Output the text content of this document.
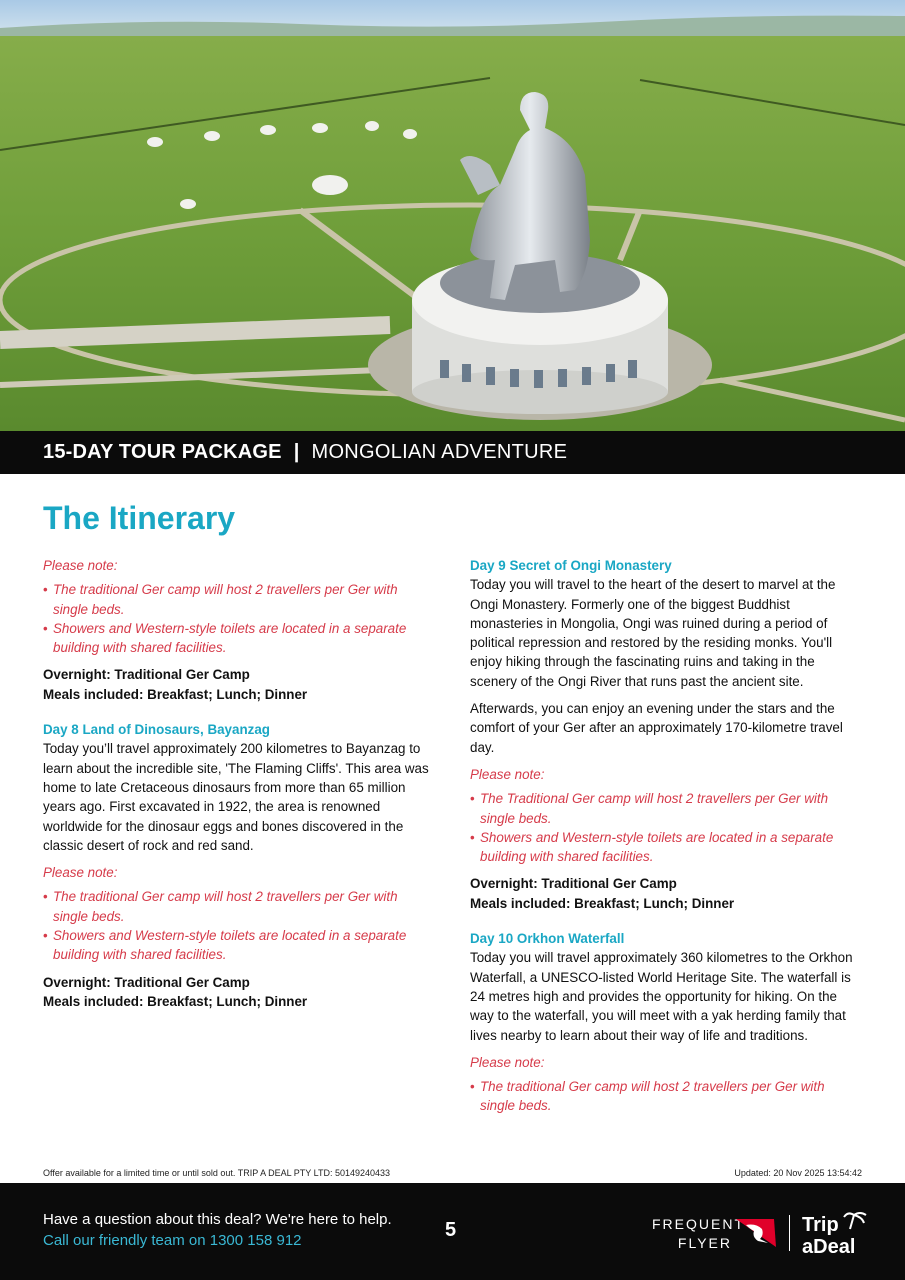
15-DAY TOUR PACKAGE | MONGOLIAN ADVENTURE
The Itinerary

Please note:

• The traditional Ger camp will host 2 travellers per Ger with single beds.
• Showers and Western-style toilets are located in a separate building with shared facilities.

Overnight: Traditional Ger Camp

Meals included: Breakfast; Lunch; Dinner

Day 8 Land of Dinosaurs, Bayanzag

Today you’ll travel approximately 200 kilometres to Bayanzag to learn about the incredible site, 'The Flaming Cliffs'. This area was home to late Cretaceous dinosaurs from more than 65 million years ago. First excavated in 1922, the area is renowned worldwide for the dinosaur eggs and bones discovered in the classic desert of rock and red sand.

Please note:

• The traditional Ger camp will host 2 travellers per Ger with single beds.
• Showers and Western-style toilets are located in a separate building with shared facilities.

Overnight: Traditional Ger Camp

Meals included: Breakfast; Lunch; Dinner

Day 9 Secret of Ongi Monastery

Today you will travel to the heart of the desert to marvel at the Ongi Monastery. Formerly one of the biggest Buddhist monasteries in Mongolia, Ongi was ruined during a period of political repression and restored by the residing monks. You'll enjoy hiking through the fascinating ruins and taking in the scenery of the Ongi River that runs past the ancient site.

Afterwards, you can enjoy an evening under the stars and the comfort of your Ger after an approximately 170-kilometre travel day.

Please note:

• The Traditional Ger camp will host 2 travellers per Ger with single beds.
• Showers and Western-style toilets are located in a separate building with shared facilities.

Overnight: Traditional Ger Camp

Meals included: Breakfast; Lunch; Dinner

Day 10 Orkhon Waterfall

Today you will travel approximately 360 kilometres to the Orkhon Waterfall, a UNESCO-listed World Heritage Site. The waterfall is 24 metres high and provides the opportunity for hiking. On the way to the waterfall, you will meet with a yak herding family that lives nearby to learn about their way of life and traditions.

Please note:

• The traditional Ger camp will host 2 travellers per Ger with single beds.
Offer available for a limited time or until sold out. TRIP A DEAL PTY LTD: 50149240433	Updated: 20 Nov 2025 13:54:42
Have a question about this deal? We're here to help.
Call our friendly team on 1300 158 912	5	FREQUENT
FLYER
Trip
aDeal
